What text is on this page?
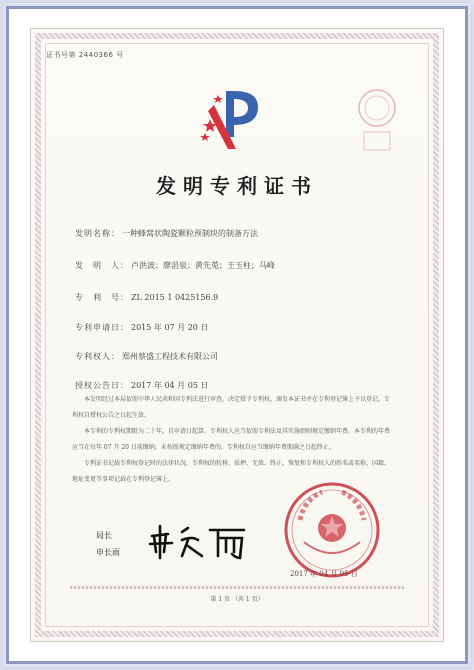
证书号第 2440366 号
发明专利证书
发明名称： 一种蜂窝状陶瓷颗粒预制块的制备方法
发　明　人： 卢洪波；廖滔泉；黄先莵；王玉柱；马峰
专　利　号： ZL 2015 1 0425156.9
专利申请日： 2015 年 07 月 20 日
专利权人： 郑州蔡盛工程技术有限公司
授权公告日： 2017 年 04 月 05 日

本发明经过本局依照中华人民共和国专利法进行审查，决定授予专利权，颁发本证书并在专利登记簿上予以登记。专利权自授权公告之日起生效。

本专利的专利权期限为二十年，自申请日起算。专利权人应当依照专利法及其实施细则规定缴纳年费。本专利的年费应当在每年 07 月 20 日前缴纳。未按照规定缴纳年费的，专利权自应当缴纳年费期满之日起终止。

专利证书记载专利权登记时的法律状况。专利权的转移、质押、无效、终止、恢复和专利权人的姓名或名称、国籍、地址变更等事项记载在专利登记簿上。

局长
申长雨
2017 年 04 月 05 日
第 1 页 （共 1 页）
